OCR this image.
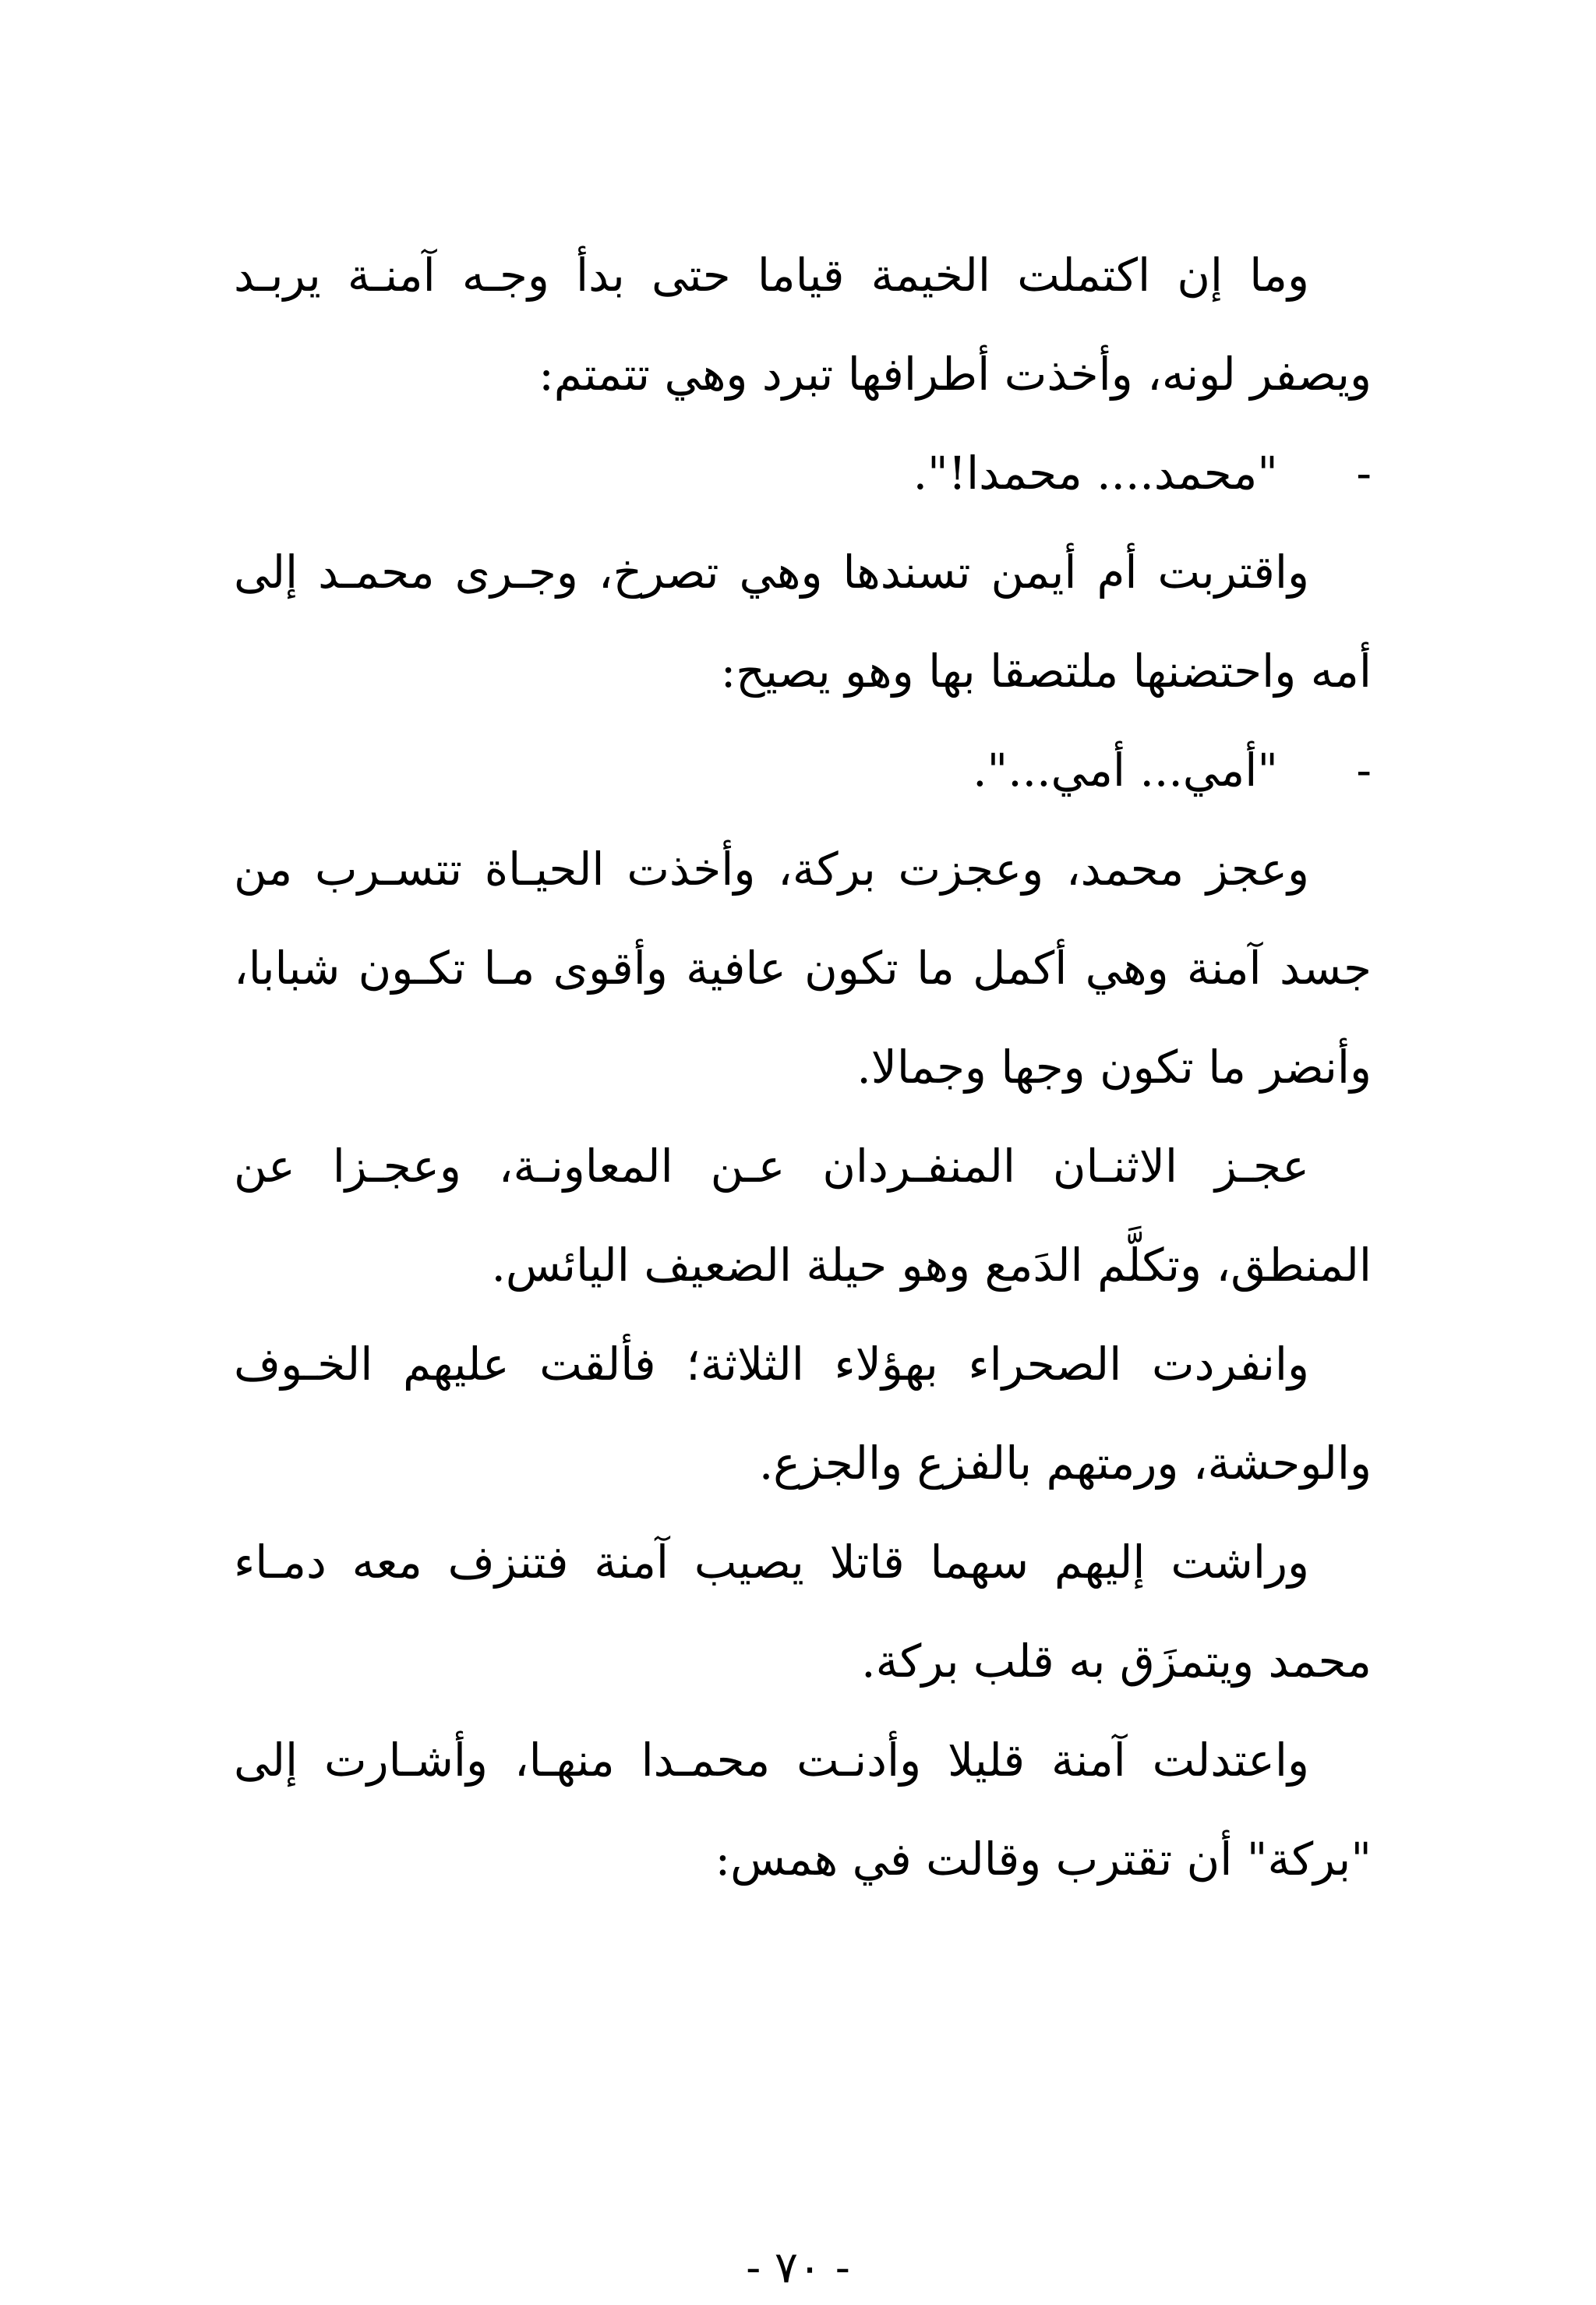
وما إن اكتملت الخيمة قياما حتى بدأ وجـه آمنـة يربـد ويصفر لونه، وأخذت أطرافها تبرد وهي تتمتم:

-"محمد.... محمدا!".

واقتربت أم أيمن تسندها وهي تصرخ، وجـرى محمـد إلى أمه واحتضنها ملتصقا بها وهو يصيح:

-"أمي... أمي...".

وعجز محمد، وعجزت بركة، وأخذت الحيـاة تتسـرب من جسد آمنة وهي أكمل ما تكون عافية وأقوى مـا تكـون شبابا، وأنضر ما تكون وجها وجمالا.

عجـز الاثنـان المنفـردان عـن المعاونـة، وعجـزا عن المنطق، وتكلَّم الدَمع وهو حيلة الضعيف اليائس.

وانفردت الصحراء بهؤلاء الثلاثة؛ فألقت عليهم الخـوف والوحشة، ورمتهم بالفزع والجزع.

وراشت إليهم سهما قاتلا يصيب آمنة فتنزف معه دمـاء محمد ويتمزَق به قلب بركة.

واعتدلت آمنة قليلا وأدنـت محمـدا منهـا، وأشـارت إلى "بركة" أن تقترب وقالت في همس:

- ٧٠ -
